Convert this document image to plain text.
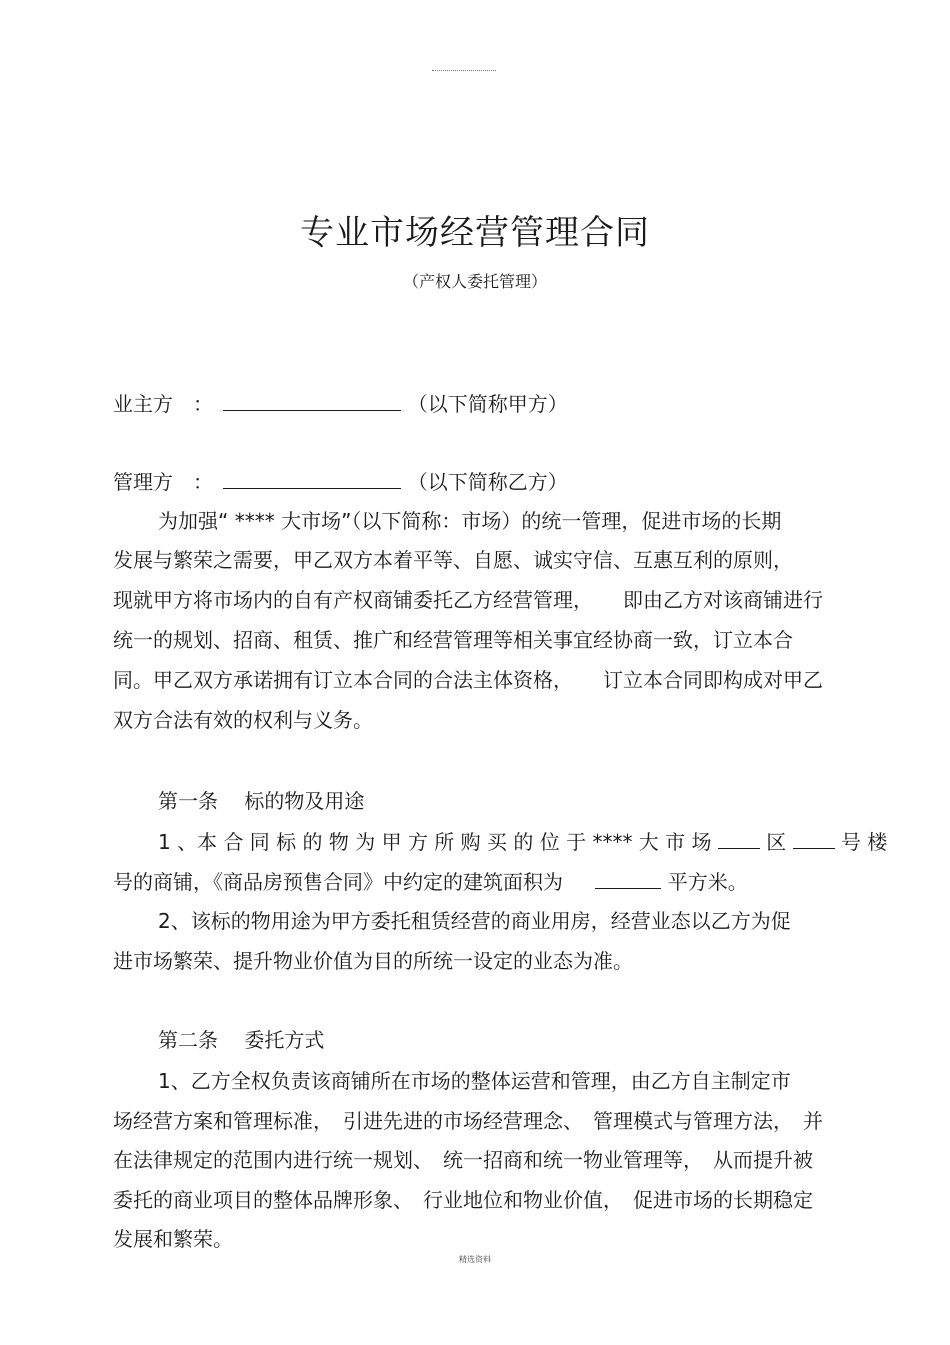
专业市场经营管理合同
（产权人委托管理）
业主方　：	（以下简称甲方）
管理方　：	（以下简称乙方）
为加强“ **** 大市场”（以下简称：市场）的统一管理，促进市场的长期
发展与繁荣之需要，甲乙双方本着平等、自愿、诚实守信、互惠互利的原则，
现就甲方将市场内的自有产权商铺委托乙方经营管理，　　即由乙方对该商铺进行
统一的规划、招商、租赁、推广和经营管理等相关事宜经协商一致，订立本合
同。甲乙双方承诺拥有订立本合同的合法主体资格，　　订立本合同即构成对甲乙
双方合法有效的权利与义务。
第一条　 标的物及用途
1 、本 合 同 标 的 物 为 甲 方 所 购 买 的 位 于 **** 大 市 场	区	号 楼
号的商铺，《商品房预售合同》中约定的建筑面积为	平方米。
2、该标的物用途为甲方委托租赁经营的商业用房，经营业态以乙方为促
进市场繁荣、提升物业价值为目的所统一设定的业态为准。
第二条　 委托方式
1、乙方全权负责该商铺所在市场的整体运营和管理，由乙方自主制定市
场经营方案和管理标准，　引进先进的市场经营理念、　管理模式与管理方法，　并
在法律规定的范围内进行统一规划、　统一招商和统一物业管理等，　从而提升被
委托的商业项目的整体品牌形象、　行业地位和物业价值，　促进市场的长期稳定
发展和繁荣。
精选资料
